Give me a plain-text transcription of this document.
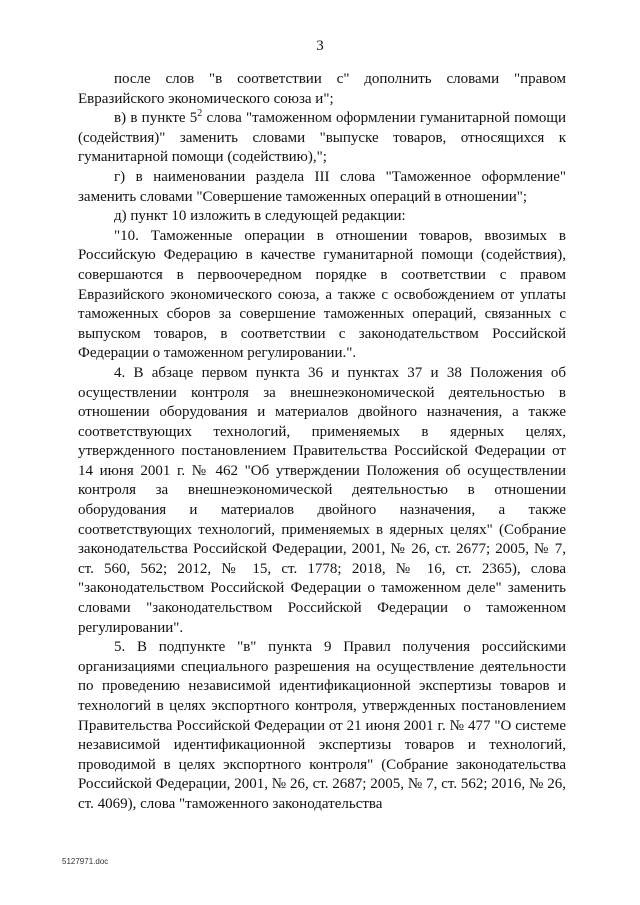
3

после слов "в соответствии с" дополнить словами "правом Евразийского экономического союза и";

в) в пункте $5^2$ слова "таможенном оформлении гуманитарной помощи (содействия)" заменить словами "выпуске товаров, относящихся к гуманитарной помощи (содействию),";

г) в наименовании раздела III слова "Таможенное оформление" заменить словами "Совершение таможенных операций в отношении";

д) пункт 10 изложить в следующей редакции:

"10. Таможенные операции в отношении товаров, ввозимых в Российскую Федерацию в качестве гуманитарной помощи (содействия), совершаются в первоочередном порядке в соответствии с правом Евразийского экономического союза, а также с освобождением от уплаты таможенных сборов за совершение таможенных операций, связанных с выпуском товаров, в соответствии с законодательством Российской Федерации о таможенном регулировании.".

4. В абзаце первом пункта 36 и пунктах 37 и 38 Положения об осуществлении контроля за внешнеэкономической деятельностью в отношении оборудования и материалов двойного назначения, а также соответствующих технологий, применяемых в ядерных целях, утвержденного постановлением Правительства Российской Федерации от 14 июня 2001 г. № 462 "Об утверждении Положения об осуществлении контроля за внешнеэкономической деятельностью в отношении оборудования и материалов двойного назначения, а также соответствующих технологий, применяемых в ядерных целях" (Собрание законодательства Российской Федерации, 2001, № 26, ст. 2677; 2005, № 7, ст. 560, 562; 2012, № 15, ст. 1778; 2018, № 16, ст. 2365), слова "законодательством Российской Федерации о таможенном деле" заменить словами "законодательством Российской Федерации о таможенном регулировании".

5. В подпункте "в" пункта 9 Правил получения российскими организациями специального разрешения на осуществление деятельности по проведению независимой идентификационной экспертизы товаров и технологий в целях экспортного контроля, утвержденных постановлением Правительства Российской Федерации от 21 июня 2001 г. № 477 "О системе независимой идентификационной экспертизы товаров и технологий, проводимой в целях экспортного контроля" (Собрание законодательства Российской Федерации, 2001, № 26, ст. 2687; 2005, № 7, ст. 562; 2016, № 26, ст. 4069), слова "таможенного законодательства

5127971.doc
